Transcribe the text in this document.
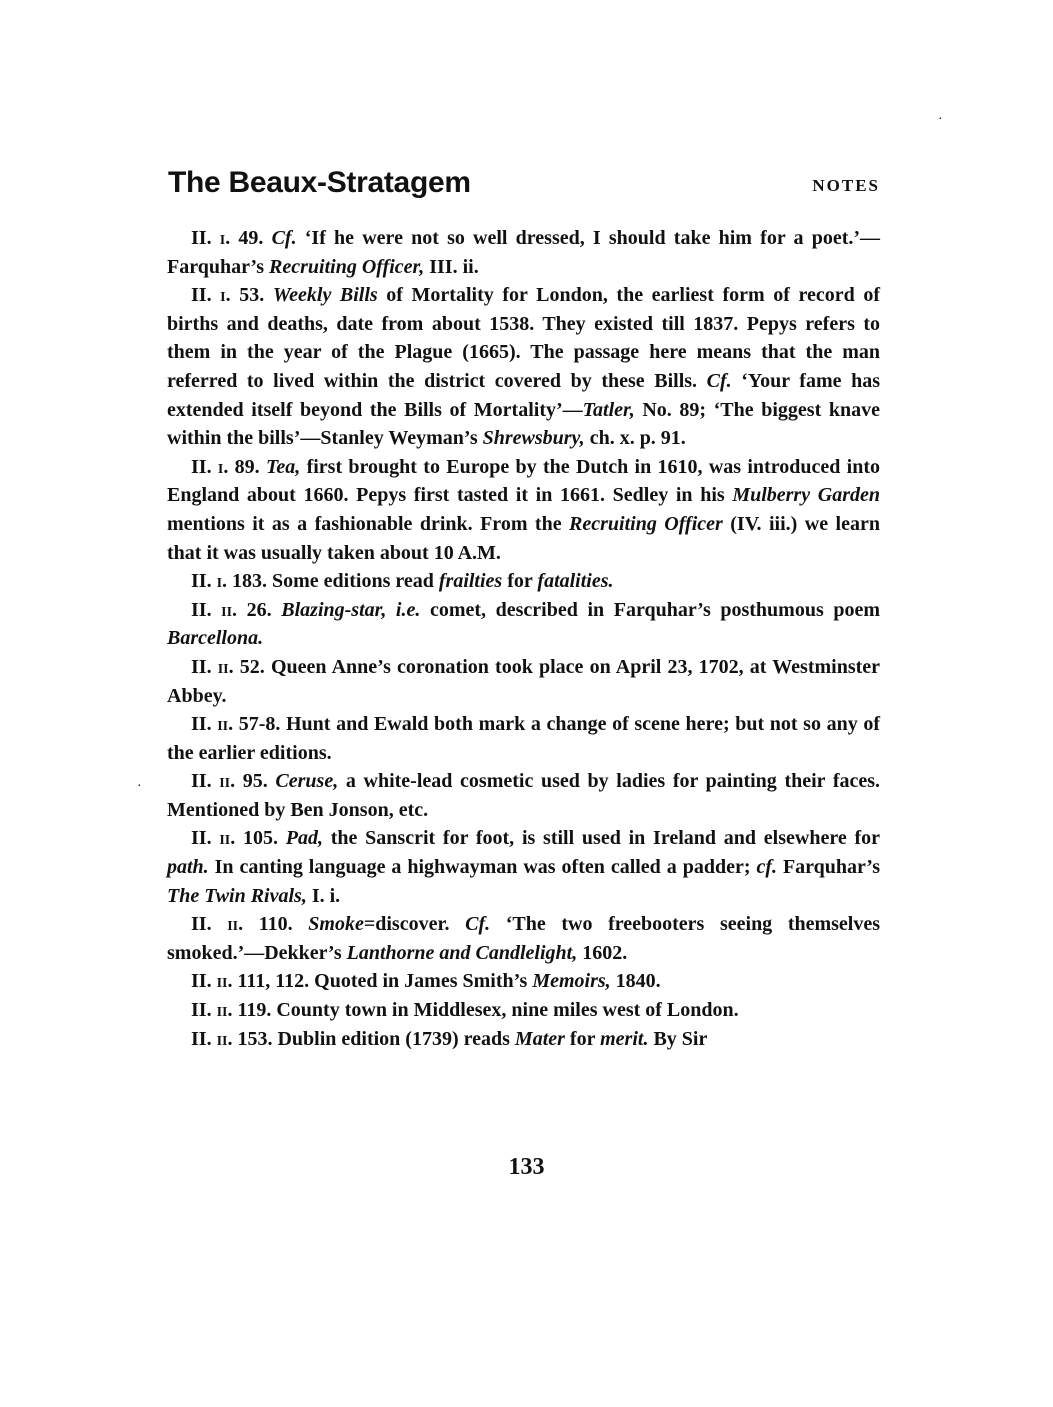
The Beaux-Stratagem	NOTES

II. i. 49. Cf. ‘If he were not so well dressed, I should take him for a poet.’—Farquhar’s Recruiting Officer, III. ii.

II. i. 53. Weekly Bills of Mortality for London, the earliest form of record of births and deaths, date from about 1538. They existed till 1837. Pepys refers to them in the year of the Plague (1665). The passage here means that the man referred to lived within the district covered by these Bills. Cf. ‘Your fame has extended itself beyond the Bills of Mortality’—Tatler, No. 89; ‘The biggest knave within the bills’—Stanley Weyman’s Shrewsbury, ch. x. p. 91.

II. i. 89. Tea, first brought to Europe by the Dutch in 1610, was introduced into England about 1660. Pepys first tasted it in 1661. Sedley in his Mulberry Garden mentions it as a fashionable drink. From the Recruiting Officer (IV. iii.) we learn that it was usually taken about 10 A.M.

II. i. 183. Some editions read frailties for fatalities.

II. ii. 26. Blazing-star, i.e. comet, described in Farquhar’s posthumous poem Barcellona.

II. ii. 52. Queen Anne’s coronation took place on April 23, 1702, at Westminster Abbey.

II. ii. 57-8. Hunt and Ewald both mark a change of scene here; but not so any of the earlier editions.

II. ii. 95. Ceruse, a white-lead cosmetic used by ladies for painting their faces. Mentioned by Ben Jonson, etc.

II. ii. 105. Pad, the Sanscrit for foot, is still used in Ireland and elsewhere for path. In canting language a highwayman was often called a padder; cf. Farquhar’s The Twin Rivals, I. i.

II. ii. 110. Smoke=discover. Cf. ‘The two freebooters seeing themselves smoked.’—Dekker’s Lanthorne and Candlelight, 1602.

II. ii. 111, 112. Quoted in James Smith’s Memoirs, 1840.

II. ii. 119. County town in Middlesex, nine miles west of London.

II. ii. 153. Dublin edition (1739) reads Mater for merit. By Sir

133
·
·
